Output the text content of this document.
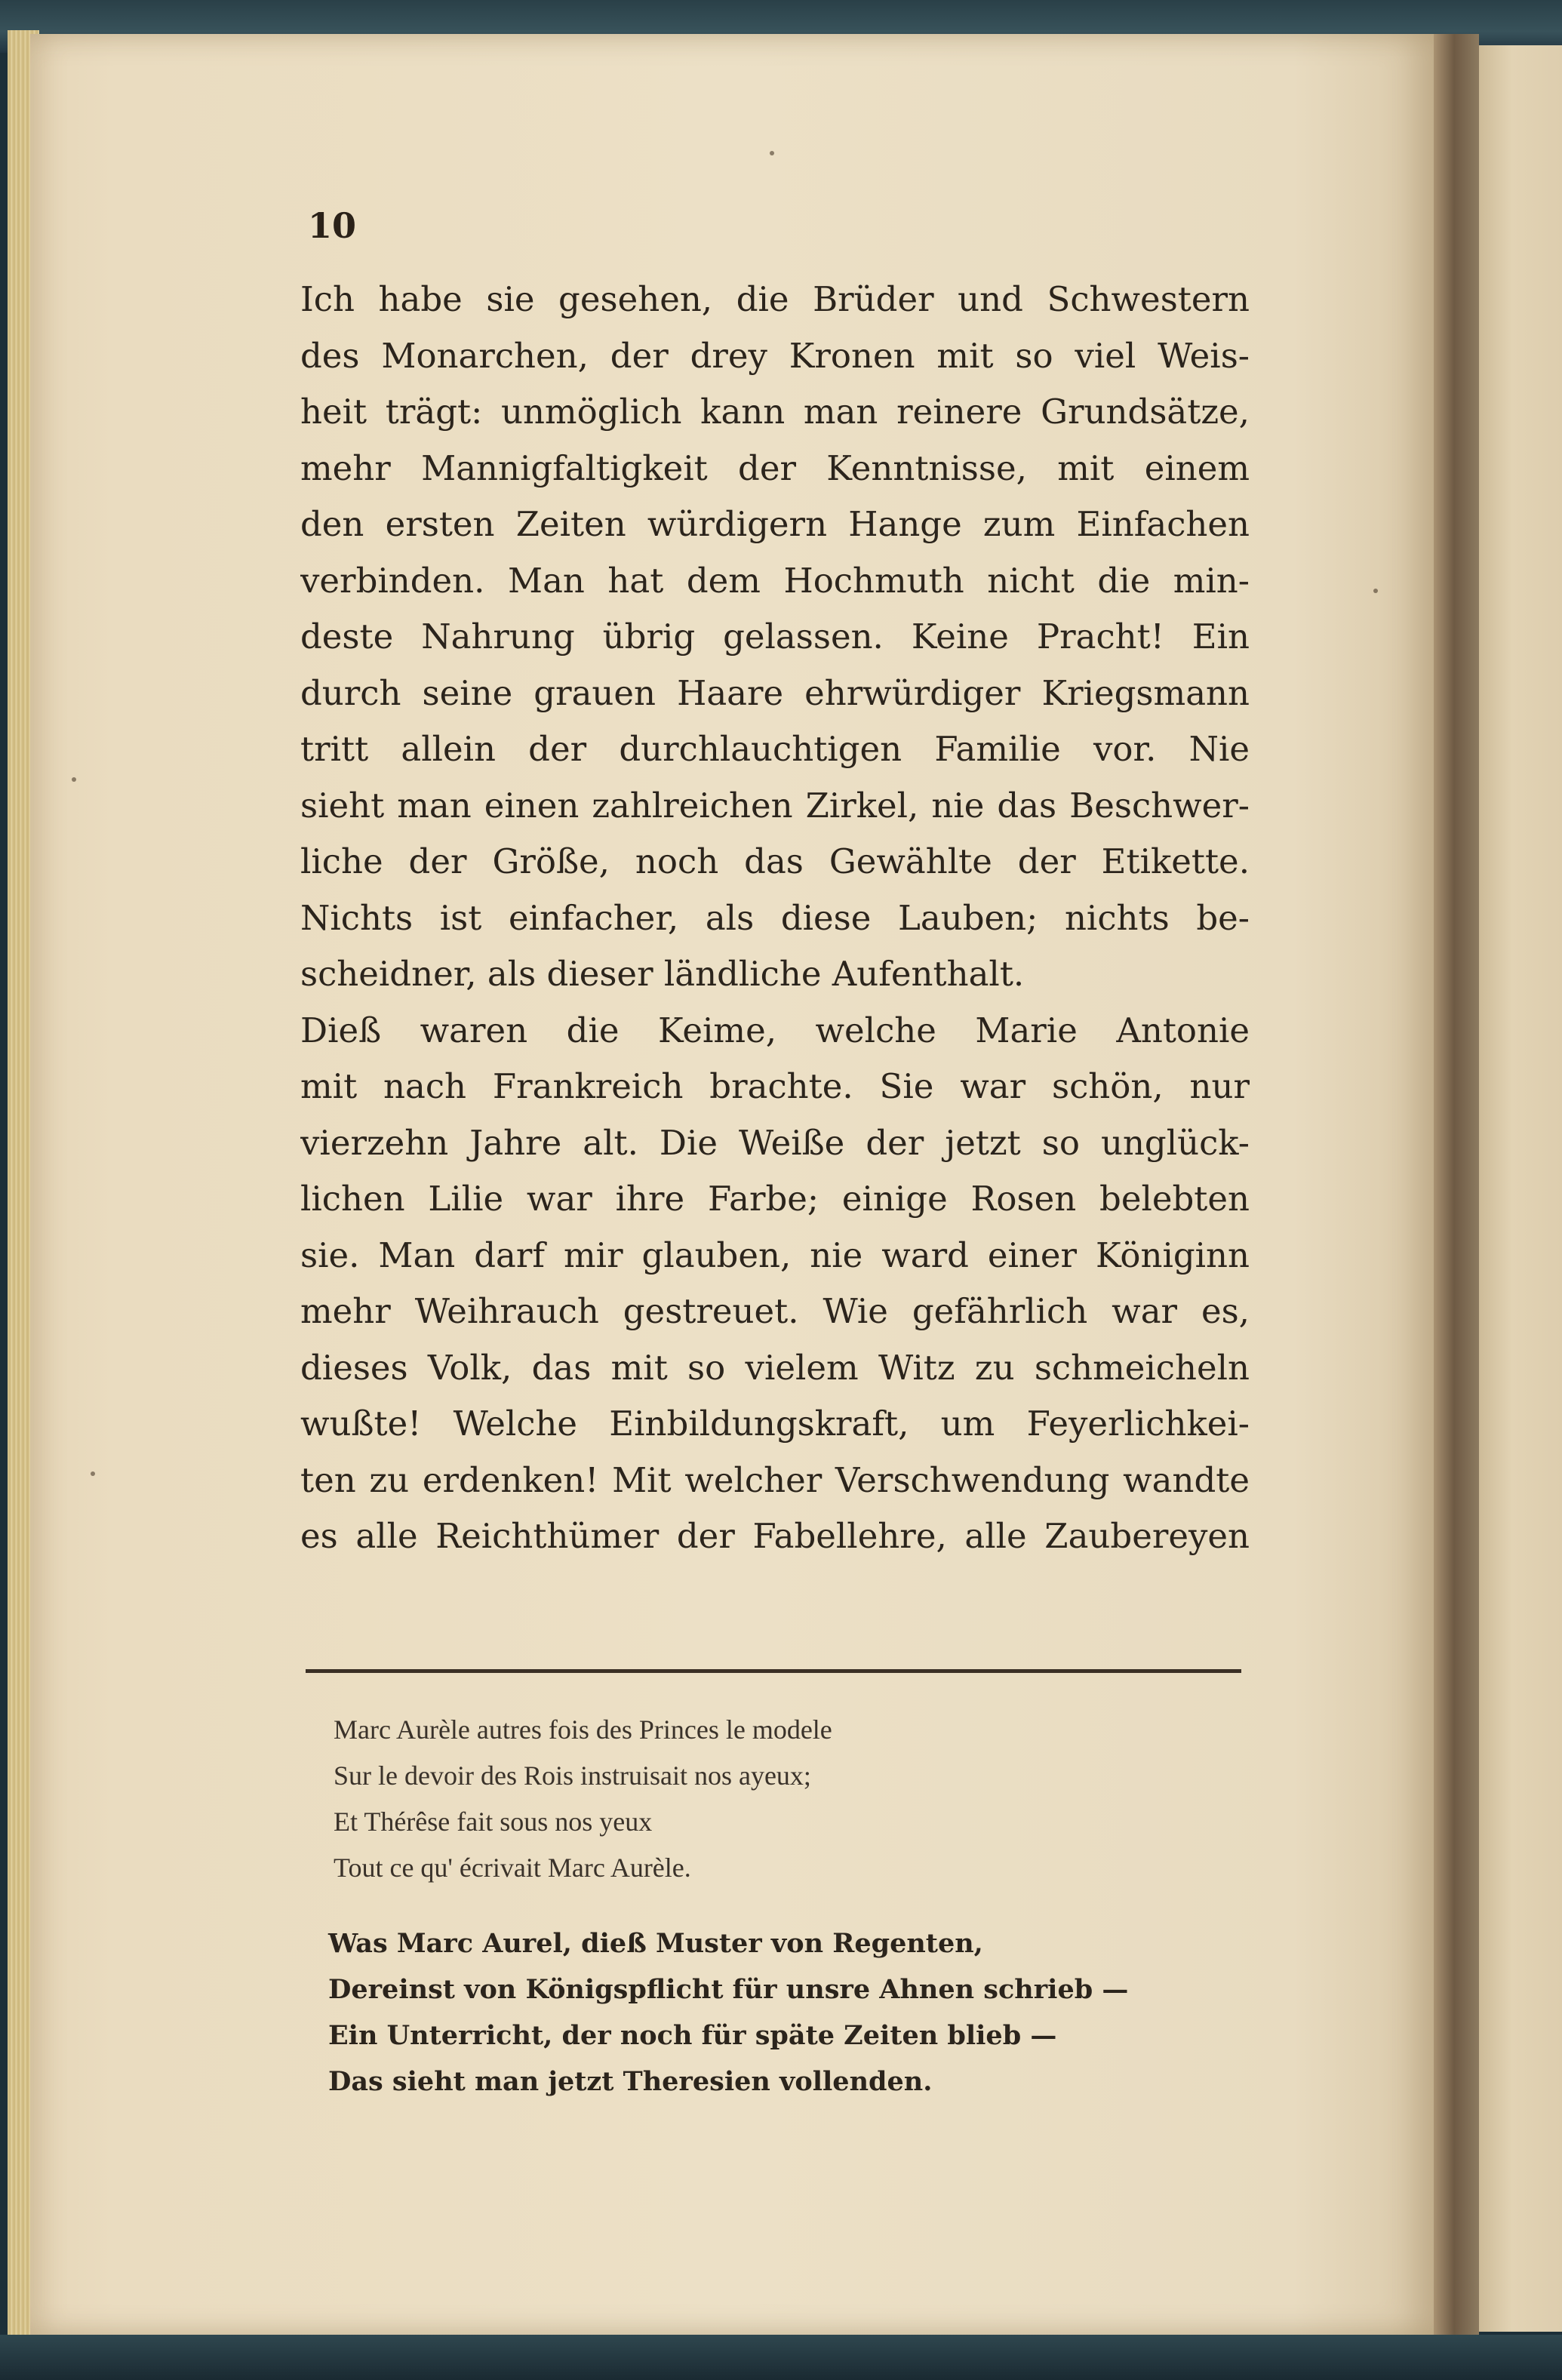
10

Ich habe sie gesehen, die Brüder und Schwestern
des Monarchen, der drey Kronen mit so viel Weis-
heit trägt: unmöglich kann man reinere Grundsätze,
mehr Mannigfaltigkeit der Kenntnisse, mit einem
den ersten Zeiten würdigern Hange zum Einfachen
verbinden. Man hat dem Hochmuth nicht die min-
deste Nahrung übrig gelassen. Keine Pracht! Ein
durch seine grauen Haare ehrwürdiger Kriegsmann
tritt allein der durchlauchtigen Familie vor. Nie
sieht man einen zahlreichen Zirkel, nie das Beschwer-
liche der Größe, noch das Gewählte der Etikette.
Nichts ist einfacher, als diese Lauben; nichts be-
scheidner, als dieser ländliche Aufenthalt.
Dieß waren die Keime, welche Marie Antonie
mit nach Frankreich brachte. Sie war schön, nur
vierzehn Jahre alt. Die Weiße der jetzt so unglück-
lichen Lilie war ihre Farbe; einige Rosen belebten
sie. Man darf mir glauben, nie ward einer Königinn
mehr Weihrauch gestreuet. Wie gefährlich war es,
dieses Volk, das mit so vielem Witz zu schmeicheln
wußte! Welche Einbildungskraft, um Feyerlichkei-
ten zu erdenken! Mit welcher Verschwendung wandte
es alle Reichthümer der Fabellehre, alle Zaubereyen
Marc Aurèle autres fois des Princes le modele
Sur le devoir des Rois instruisait nos ayeux;
Et Thérêse fait sous nos yeux
Tout ce qu' écrivait Marc Aurèle.
Was Marc Aurel, dieß Muster von Regenten,
Dereinst von Königspflicht für unsre Ahnen schrieb —
Ein Unterricht, der noch für späte Zeiten blieb —
Das sieht man jetzt Theresien vollenden.
